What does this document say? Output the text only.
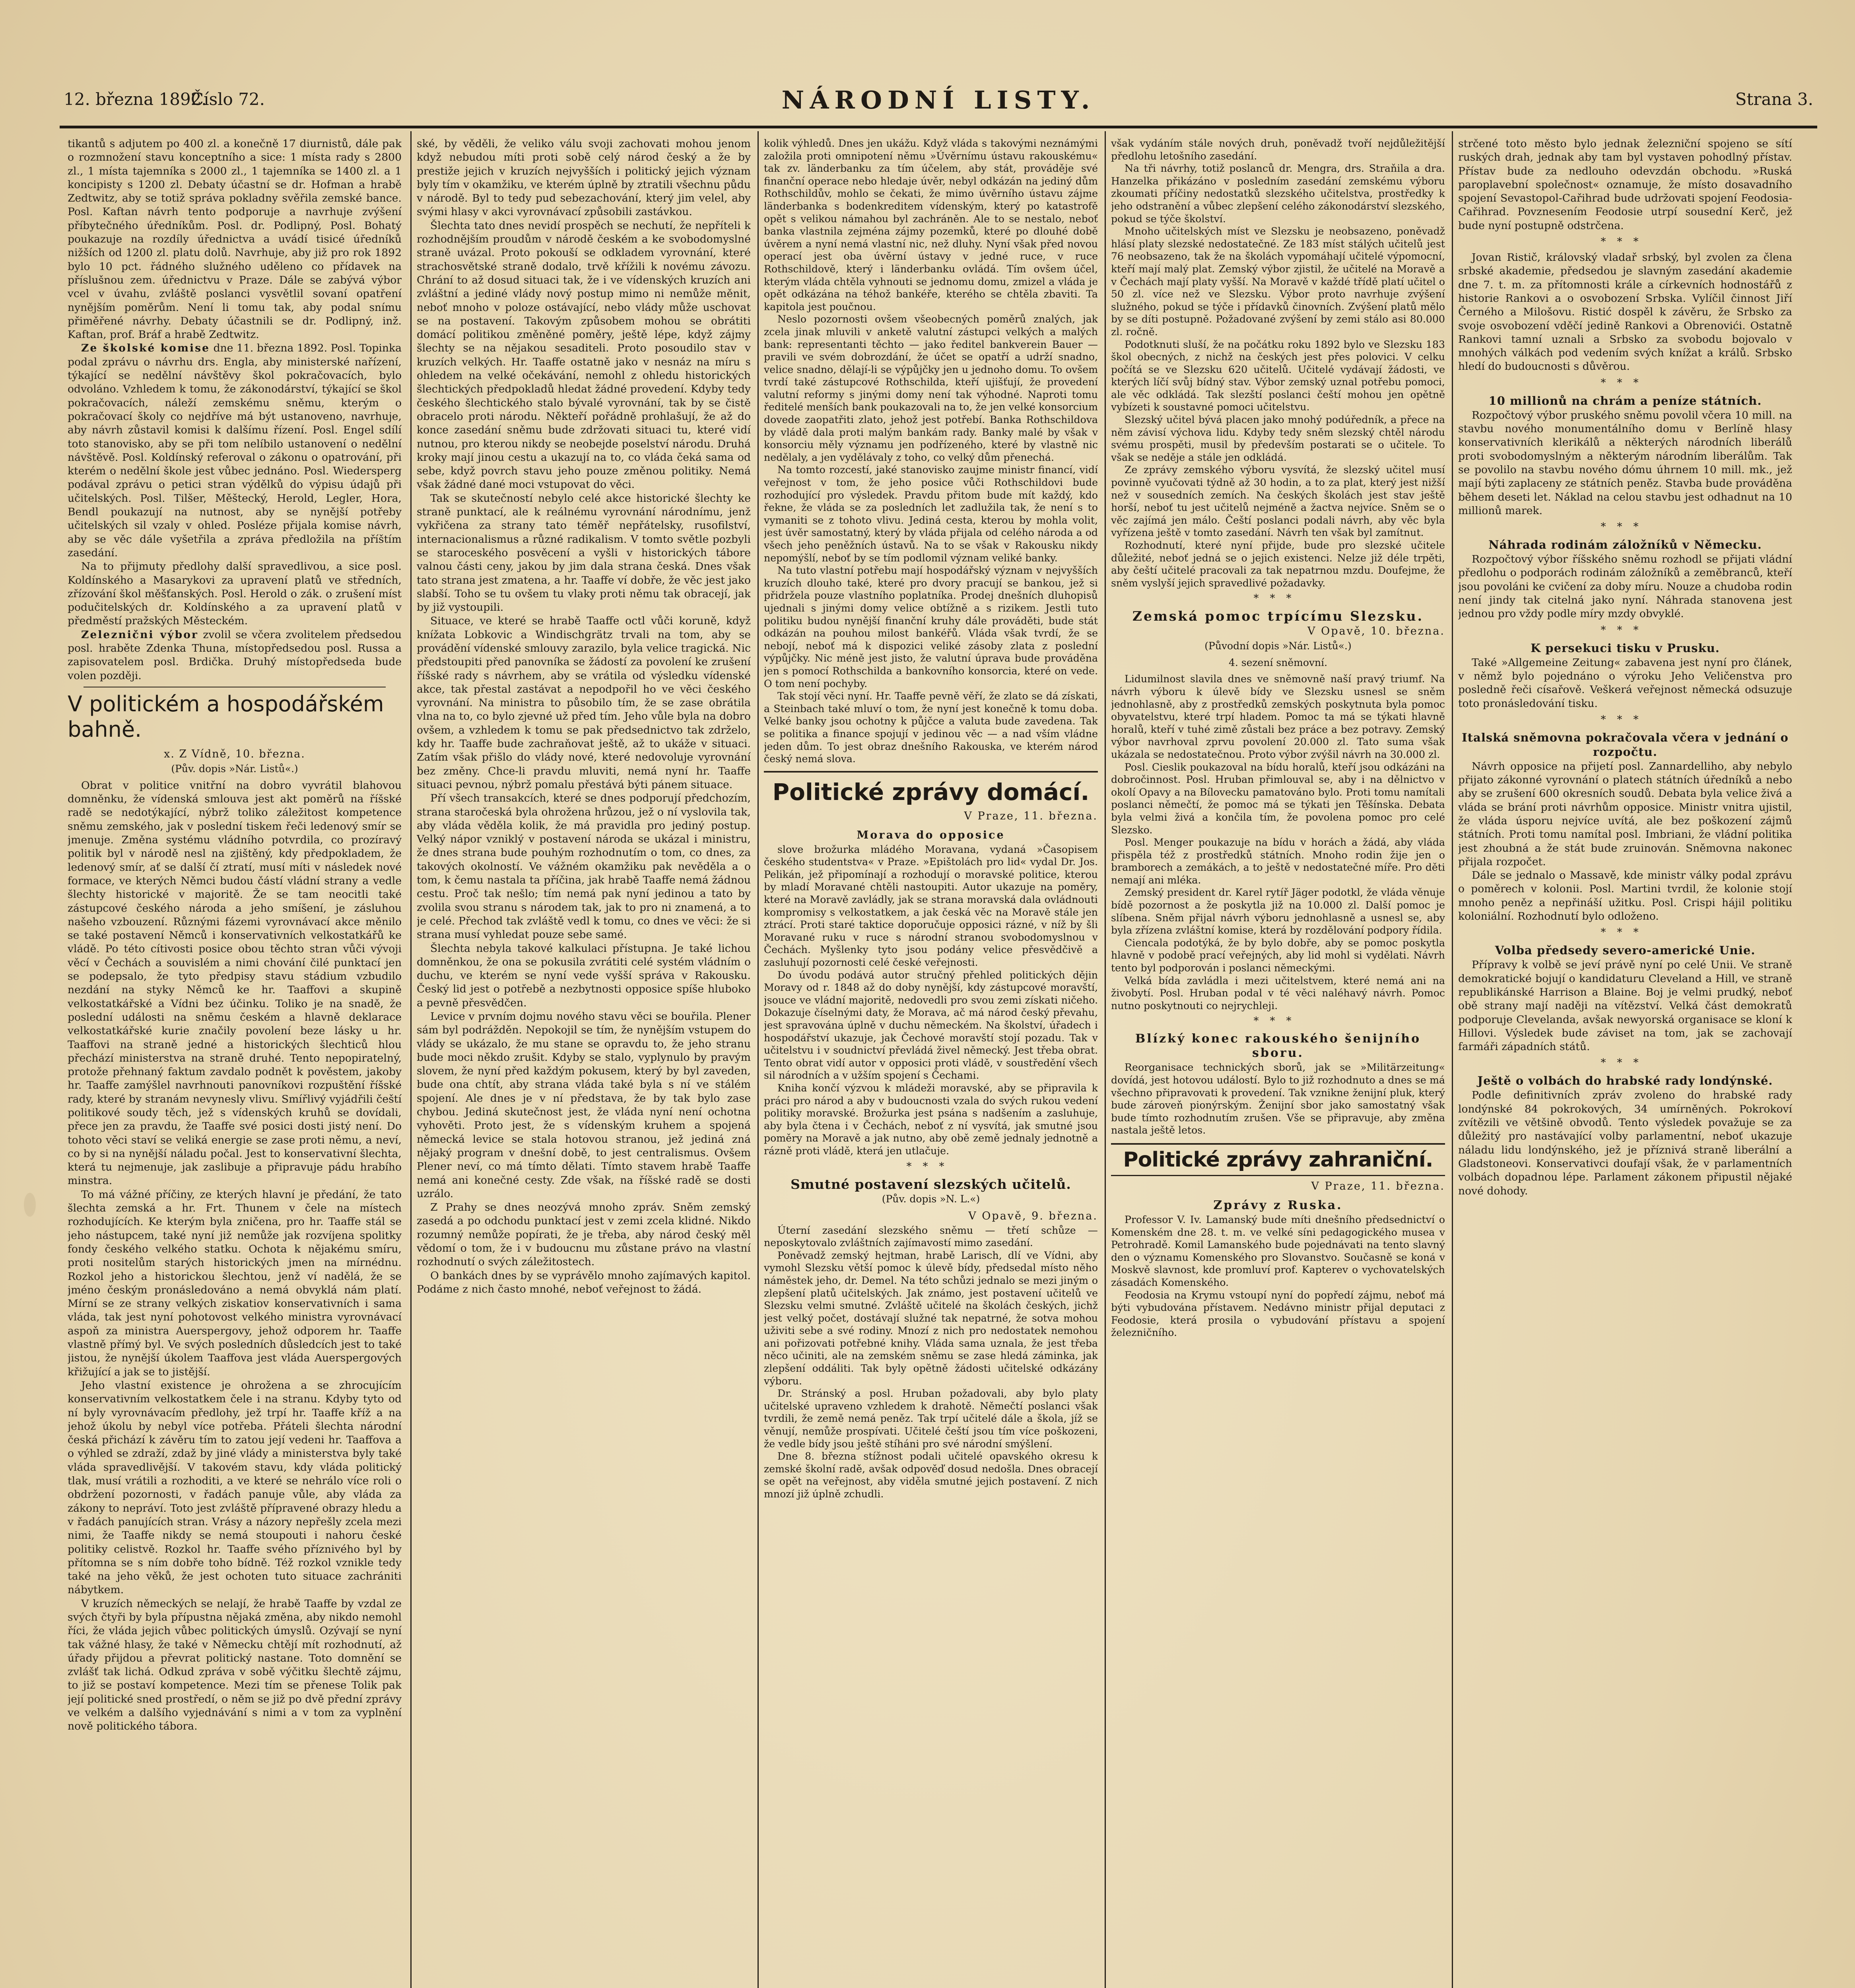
12. března 1892.
Číslo 72.	NÁRODNÍ LISTY.	Strana 3.

tikantů s adjutem po 400 zl. a konečně 17 diurnistů, dále pak o rozmnožení stavu konceptního a sice: 1 místa rady s 2800 zl., 1 místa tajemníka s 2000 zl., 1 tajemníka se 1400 zl. a 1 koncipisty s 1200 zl. Debaty účastní se dr. Hofman a hrabě Zedtwitz, aby se totiž správa pokladny svěřila zemské bance. Posl. Kaftan návrh tento podporuje a navrhuje zvýšení příbytečného úředníkům. Posl. dr. Podlipný, Posl. Bohatý poukazuje na rozdíly úřednictva a uvádí tisicé úředníků nižších od 1200 zl. platu dolů. Navrhuje, aby již pro rok 1892 bylo 10 pct. řádného služného uděleno co přídavek na příslušnou zem. úřednictvu v Praze. Dále se zabývá výbor vcel v úvahu, zvláště poslanci vysvětlil sovaní opatření nynějším poměrům. Není li tomu tak, aby podal snímu přiměřené návrhy. Debaty účastnili se dr. Podlipný, inž. Kaftan, prof. Bráf a hrabě Zedtwitz.

Ze školské komise dne 11. března 1892. Posl. Topinka podal zprávu o návrhu drs. Engla, aby ministerské nařízení, týkající se nedělní návštěvy škol pokračovacích, bylo odvoláno. Vzhledem k tomu, že zákonodárství, týkající se škol pokračovacích, náleží zemskému sněmu, kterým o pokračovací školy co nejdříve má být ustanoveno, navrhuje, aby návrh zůstavil komisi k dalšímu řízení. Posl. Engel sdílí toto stanovisko, aby se při tom nelíbilo ustanovení o nedělní návštěvě. Posl. Koldínský referoval o zákonu o opatrování, při kterém o nedělní škole jest vůbec jednáno. Posl. Wiedersperg podával zprávu o petici stran výdělků do výpisu údajů při učitelských. Posl. Tilšer, Měštecký, Herold, Legler, Hora, Bendl poukazují na nutnost, aby se nynější potřeby učitelských sil vzaly v ohled. Posléze přijala komise návrh, aby se věc dále vyšetřila a zpráva předložila na příštím zasedání.

Na to přijmuty předlohy další spravedlivou, a sice posl. Koldínského a Masarykovi za upravení platů ve středních, zřízování škol měšťanských. Posl. Herold o zák. o zrušení míst podučitelských dr. Koldínského a za upravení platů v předměstí pražských Městeckém.

Zeleznični výbor zvolil se včera zvolitelem předsedou posl. hraběte Zdenka Thuna, místopředsedou posl. Russa a zapisovatelem posl. Brdička. Druhý místopředseda bude volen později.

V politickém a hospodářském bahně.
x. Z Vídně, 10. března.
(Pův. dopis »Nár. Listů«.)

Obrat v politice vnitřní na dobro vyvrátil blahovou domněnku, že vídenská smlouva jest akt poměrů na říšské radě se nedotýkající, nýbrž toliko záležitost kompetence sněmu zemského, jak v poslední tiskem řeči ledenový smír se jmenuje. Změna systému vládního potvrdila, co prozíravý politik byl v národě nesl na zjištěný, kdy předpokladem, že ledenový smír, ať se další čí ztratí, musí míti v následek nové formace, ve kterých Němci budou částí vládní strany a vedle šlechty historické v majoritě. Že se tam neocitli také zástupcové českého národa a jeho smíšení, je zásluhou našeho vzbouzení. Různými fázemi vyrovnávací akce měnilo se také postavení Němců i konservativních velkostatkářů ke vládě. Po této cítivosti posice obou těchto stran vůči vývoji věcí v Čechách a souvislém a nimi chování čilé punktací jen se podepsalo, že tyto předpisy stavu stádium vzbudilo nezdání na styky Němců ke hr. Taaffovi a skupině velkostatkářské a Vídni bez účinku. Toliko je na snadě, že poslední události na sněmu českém a hlavně deklarace velkostatkářské kurie značily povolení beze lásky u hr. Taaffovi na straně jedné a historických šlechticů hlou přechází ministerstva na straně druhé. Tento nepopiratelný, protože přehnaný faktum zavdalo podnět k pověstem, jakoby hr. Taaffe zamýšlel navrhnouti panovníkovi rozpuštění říšské rady, které by stranám nevynesly vlivu. Smířlivý vyjádřili čeští politikové soudy těch, jež s vídenských kruhů se dovídali, přece jen za pravdu, že Taaffe své posici dosti jistý není. Do tohoto věci staví se veliká energie se zase proti němu, a neví, co by si na nynější náladu počal. Jest to konservativní šlechta, která tu nejmenuje, jak zaslibuje a připravuje pádu hrabího minstra.

To má vážné příčiny, ze kterých hlavní je předání, že tato šlechta zemská a hr. Frt. Thunem v čele na místech rozhodujících. Ke kterým byla zničena, pro hr. Taaffe stál se jeho nástupcem, také nyní již nemůže jak rozvíjena spolitky fondy českého velkého statku. Ochota k nějakému smíru, proti nositelům starých historických jmen na mírnédnu. Rozkol jeho a historickou šlechtou, jenž ví nadělá, že se jméno českým pronásledováno a nemá obvyklá nám platí. Mírní se ze strany velkých ziskatiov konservativních i sama vláda, tak jest nyní pohotovost velkého ministra vyrovnávací aspoň za ministra Auerspergovy, jehož odporem hr. Taaffe vlastně přímý byl. Ve svých posledních důsledcích jest to také jistou, že nynější úkolem Taaffova jest vláda Auerspergových křižující a jak se to jistější.

Jeho vlastní existence je ohrožena a se zhrocujícím konservativním velkostatkem čele i na stranu. Kdyby tyto od ní byly vyrovnávacím předlohy, jež trpí hr. Taaffe kříž a na jehož úkolu by nebyl více potřeba. Přáteli šlechta národní česká přichází k závěru tím to zatou její vedeni hr. Taaffova a o výhled se zdraží, zdaž by jiné vlády a ministerstva byly také vláda spravedlivější. V takovém stavu, kdy vláda politický tlak, musí vrátili a rozhoditi, a ve které se nehrálo více roli o obdržení pozornosti, v řadách panuje vůle, aby vláda za zákony to nepráví. Toto jest zvláště přípravené obrazy hledu a v řadách panujících stran. Vrásy a názory nepřešly zcela mezi nimi, že Taaffe nikdy se nemá stoupouti i nahoru české politiky celistvě. Rozkol hr. Taaffe svého příznivého byl by přítomna se s ním dobře toho bídně. Též rozkol vznikle tedy také na jeho věků, že jest ochoten tuto situace zachrániti nábytkem.

V kruzích německých se nelají, že hrabě Taaffe by vzdal ze svých čtyři by byla přípustna nějaká změna, aby nikdo nemohl říci, že vláda jejich vůbec politických úmyslů. Ozývají se nyní tak vážné hlasy, že také v Německu chtějí mít rozhodnutí, až úřady přijdou a převrat politický nastane. Toto domnění se zvlášť tak lichá. Odkud zpráva v sobě výčitku šlechtě zájmu, to již se postaví kompetence. Mezi tím se přenese Tolik pak její politické sned prostředí, o něm se již po dvě přední zprávy ve velkém a dalšího vyjednávání s nimi a v tom za vyplnění nově politického tábora.

ské, by věděli, že veliko válu svoji zachovati mohou jenom když nebudou míti proti sobě celý národ český a že by prestiže jejich v kruzích nejvyšších i politický jejich význam byly tím v okamžiku, ve kterém úplně by ztratili všechnu půdu v národě. Byl to tedy pud sebezachování, který jim velel, aby svými hlasy v akci vyrovnávací způsobili zastávkou.

Šlechta tato dnes nevidí prospěch se nechutí, že nepříteli k rozhodnějším proudům v národě českém a ke svobodomyslné straně uvázal. Proto pokouší se odkladem vyrovnání, které strachosvětské straně dodalo, trvě křížili k novému závozu. Chrání to až dosud situaci tak, že i ve vídenských kruzích ani zvláštní a jediné vlády nový postup mimo ni nemůže měnit, neboť mnoho v poloze ostávající, nebo vlády může uschovat se na postavení. Takovým způsobem mohou se obrátiti domácí politikou změněné poměry, ještě lépe, když zájmy šlechty se na nějakou sesaditeli. Proto posoudilo stav v kruzích velkých. Hr. Taaffe ostatně jako v nesnáz na míru s ohledem na velké očekávání, nemohl z ohledu historických šlechtických předpokladů hledat žádné provedení. Kdyby tedy českého šlechtického stalo bývalé vyrovnání, tak by se čistě obracelo proti národu. Někteří pořádně prohlašují, že až do konce zasedání sněmu bude zdržovati situaci tu, které vidí nutnou, pro kterou nikdy se neobejde poselství národu. Druhá kroky mají jinou cestu a ukazují na to, co vláda čeká sama od sebe, když povrch stavu jeho pouze změnou politiky. Nemá však žádné dané moci vstupovat do věci.

Tak se skutečností nebylo celé akce historické šlechty ke straně punktací, ale k reálnému vyrovnání národnímu, jenž vykřičena za strany tato téměř nepřátelsky, rusofilství, internacionalismus a různé radikalism. V tomto světle pozbyli se staroceského posvěcení a vyšli v historických tábore valnou části ceny, jakou by jim dala strana česká. Dnes však tato strana jest zmatena, a hr. Taaffe ví dobře, že věc jest jako slabší. Toho se tu ovšem tu vlaky proti němu tak obracejí, jak by již vystoupili.

Situace, ve které se hrabě Taaffe octl vůči koruně, když knížata Lobkovic a Windischgrätz trvali na tom, aby se provádění vídenské smlouvy zarazilo, byla velice tragická. Nic předstoupiti před panovníka se žádostí za povolení ke zrušení říšské rady s návrhem, aby se vrátila od výsledku vídenské akce, tak přestal zastávat a nepodpořil ho ve věci českého vyrovnání. Na ministra to působilo tím, že se zase obrátila vlna na to, co bylo zjevné už před tím. Jeho vůle byla na dobro ovšem, a vzhledem k tomu se pak předsednictvo tak zdrželo, kdy hr. Taaffe bude zachraňovat ještě, až to ukáže v situaci. Zatím však přišlo do vlády nové, které nedovoluje vyrovnání bez změny. Chce-li pravdu mluviti, nemá nyní hr. Taaffe situaci pevnou, nýbrž pomalu přestává býti pánem situace.

Pří všech transakcích, které se dnes podporují předchozím, strana staročeská byla ohrožena hrůzou, jež o ní vyslovila tak, aby vláda věděla kolik, že má pravidla pro jediný postup. Velký nápor vzniklý v postavení národa se ukázal i ministru, že dnes strana bude pouhým rozhodnutím o tom, co dnes, za takových okolností. Ve vážném okamžiku pak nevěděla a o tom, k čemu nastala ta příčina, jak hrabě Taaffe nemá žádnou cestu. Proč tak nešlo; tím nemá pak nyní jedinou a tato by zvolila svou stranu s národem tak, jak to pro ni znamená, a to je celé. Přechod tak zvláště vedl k tomu, co dnes ve věci: že si strana musí vyhledat pouze sebe samé.

Šlechta nebyla takové kalkulaci přístupna. Je také lichou domněnkou, že ona se pokusila zvrátiti celé systém vládním o duchu, ve kterém se nyní vede vyšší správa v Rakousku. Český lid jest o potřebě a nezbytnosti opposice spíše hluboko a pevně přesvědčen.

Levice v prvním dojmu nového stavu věci se bouřila. Plener sám byl podrážděn. Nepokojil se tím, že nynějším vstupem do vlády se ukázalo, že mu stane se opravdu to, že jeho stranu bude moci někdo zrušit. Kdyby se stalo, vyplynulo by pravým slovem, že nyní před každým pokusem, který by byl zaveden, bude ona chtít, aby strana vláda také byla s ní ve stálém spojení. Ale dnes je v ní představa, že by tak bylo zase chybou. Jediná skutečnost jest, že vláda nyní není ochotna vyhověti. Proto jest, že s vídenským kruhem a spojená německá levice se stala hotovou stranou, jež jediná zná nějaký program v dnešní době, to jest centralismus. Ovšem Plener neví, co má tímto dělati. Tímto stavem hrabě Taaffe nemá ani konečné cesty. Zde však, na říšské radě se dosti uzrálo.

Z Prahy se dnes neozývá mnoho zpráv. Sněm zemský zasedá a po odchodu punktací jest v zemi zcela klidné. Nikdo rozumný nemůže popírati, že je třeba, aby národ český měl vědomí o tom, že i v budoucnu mu zůstane právo na vlastní rozhodnutí o svých záležitostech.

O bankách dnes by se vyprávělo mnoho zajímavých kapitol. Podáme z nich často mnohé, neboť veřejnost to žádá.

kolik výhledů. Dnes jen ukážu. Když vláda s takovými neznámými založila proti omnipotení němu »Úvěrnímu ústavu rakouskému« tak zv. länderbanku za tím účelem, aby stát, prováděje své finanční operace nebo hledaje úvěr, nebyl odkázán na jediný dům Rothschildův, mohlo se čekati, že mimo úvěrního ústavu zájme länderbanka s bodenkreditem vídenským, který po katastrofě opět s velikou námahou byl zachráněn. Ale to se nestalo, neboť banka vlastnila zejména zájmy pozemků, které po dlouhé době úvěrem a nyní nemá vlastní nic, než dluhy. Nyní však před novou operací jest oba úvěrní ústavy v jedné ruce, v ruce Rothschildově, který i länderbanku ovládá. Tím ovšem účel, kterým vláda chtěla vyhnouti se jednomu domu, zmizel a vláda je opět odkázána na téhož bankéře, kterého se chtěla zbaviti. Ta kapitola jest poučnou.

Neslo pozornosti ovšem všeobecných poměrů znalých, jak zcela jinak mluvili v anketě valutní zástupci velkých a malých bank: representanti těchto — jako ředitel bankverein Bauer — pravili ve svém dobrozdání, že účet se opatří a udrží snadno, velice snadno, dělají-li se výpůjčky jen u jednoho domu. To ovšem tvrdí také zástupcové Rothschilda, kteří ujišťují, že provedení valutní reformy s jinými domy není tak výhodné. Naproti tomu ředitelé menších bank poukazovali na to, že jen velké konsorcium dovede zaopatřiti zlato, jehož jest potřebí. Banka Rothschildova by vládě dala proti malým bankám rady. Banky malé by však v konsorciu měly významu jen podřízeného, které by vlastně nic nedělaly, a jen vydělávaly z toho, co velký dům přenechá.

Na tomto rozcestí, jaké stanovisko zaujme ministr financí, vidí veřejnost v tom, že jeho posice vůči Rothschildovi bude rozhodující pro výsledek. Pravdu přitom bude mít každý, kdo řekne, že vláda se za posledních let zadlužila tak, že není s to vymaniti se z tohoto vlivu. Jediná cesta, kterou by mohla volit, jest úvěr samostatný, který by vláda přijala od celého národa a od všech jeho peněžních ústavů. Na to se však v Rakousku nikdy nepomýšlí, neboť by se tím podlomil význam veliké banky.

Na tuto vlastní potřebu mají hospodářský význam v nejvyšších kruzích dlouho také, které pro dvory pracují se bankou, jež si přidržela pouze vlastního poplatníka. Prodej dnešních dluhopisů ujednali s jinými domy velice obtížně a s rizikem. Jestli tuto politiku budou nynější finanční kruhy dále prováděti, bude stát odkázán na pouhou milost bankéřů. Vláda však tvrdí, že se nebojí, neboť má k dispozici veliké zásoby zlata z poslední výpůjčky. Nic méně jest jisto, že valutní úprava bude prováděna jen s pomocí Rothschilda a bankovního konsorcia, které on vede. O tom není pochyby.

Tak stojí věci nyní. Hr. Taaffe pevně věří, že zlato se dá získati, a Steinbach také mluví o tom, že nyní jest konečně k tomu doba. Velké banky jsou ochotny k půjčce a valuta bude zavedena. Tak se politika a finance spojují v jedinou věc — a nad vším vládne jeden dům. To jest obraz dnešního Rakouska, ve kterém národ český nemá slova.

Politické zprávy domácí.
V Praze, 11. března.
Morava do opposice

slove brožurka mládého Moravana, vydaná »Časopisem českého studentstva« v Praze. »Epištolách pro lid« vydal Dr. Jos. Pelikán, jež připomínají a rozhodují o moravské politice, kterou by mladí Moravané chtěli nastoupiti. Autor ukazuje na poměry, které na Moravě zavládly, jak se strana moravská dala ovládnouti kompromisy s velkostatkem, a jak česká věc na Moravě stále jen ztrácí. Proti staré taktice doporučuje opposici rázné, v níž by šli Moravané ruku v ruce s národní stranou svobodomyslnou v Čechách. Myšlenky tyto jsou podány velice přesvědčivě a zasluhují pozornosti celé české veřejnosti.

Do úvodu podává autor stručný přehled politických dějin Moravy od r. 1848 až do doby nynější, kdy zástupcové moravští, jsouce ve vládní majoritě, nedovedli pro svou zemi získati ničeho. Dokazuje číselnými daty, že Morava, ač má národ český převahu, jest spravována úplně v duchu německém. Na školství, úřadech i hospodářství ukazuje, jak Čechové moravští stojí pozadu. Tak v učitelstvu i v soudnictví převládá živel německý. Jest třeba obrat. Tento obrat vidí autor v opposici proti vládě, v soustředění všech sil národních a v užším spojení s Čechami.

Kniha končí výzvou k mládeži moravské, aby se připravila k práci pro národ a aby v budoucnosti vzala do svých rukou vedení politiky moravské. Brožurka jest psána s nadšením a zasluhuje, aby byla čtena i v Čechách, neboť z ní vysvítá, jak smutné jsou poměry na Moravě a jak nutno, aby obě země jednaly jednotně a rázně proti vládě, která jen utlačuje.

***
Smutné postavení slezských učitelů.
(Pův. dopis »N. L.«)
V Opavě, 9. března.

Úterní zasedání slezského sněmu — třetí schůze — neposkytovalo zvláštních zajímavostí mimo zasedání.

Poněvadž zemský hejtman, hrabě Larisch, dlí ve Vídni, aby vymohl Slezsku větší pomoc k úlevě bídy, předsedal místo něho náměstek jeho, dr. Demel. Na této schůzi jednalo se mezi jiným o zlepšení platů učitelských. Jak známo, jest postavení učitelů ve Slezsku velmi smutné. Zvláště učitelé na školách českých, jichž jest velký počet, dostávají služné tak nepatrné, že sotva mohou uživiti sebe a své rodiny. Mnozí z nich pro nedostatek nemohou ani pořizovati potřebné knihy. Vláda sama uznala, že jest třeba něco učiniti, ale na zemském sněmu se zase hledá záminka, jak zlepšení oddáliti. Tak byly opětně žádosti učitelské odkázány výboru.

Dr. Stránský a posl. Hruban požadovali, aby bylo platy učitelské upraveno vzhledem k drahotě. Němečtí poslanci však tvrdili, že země nemá peněz. Tak trpí učitelé dále a škola, jíž se věnují, nemůže prospívati. Učitelé čeští jsou tím více poškozeni, že vedle bídy jsou ještě stíháni pro své národní smýšlení.

Dne 8. března stížnost podali učitelé opavského okresu k zemské školní radě, avšak odpověď dosud nedošla. Dnes obracejí se opět na veřejnost, aby viděla smutné jejich postavení. Z nich mnozí již úplně zchudli.

však vydáním stále nových druh, poněvadž tvoří nejdůležitější předlohu letošního zasedání.

Na tři návrhy, totiž poslanců dr. Mengra, drs. Straňila a dra. Hanzelka přikázáno v posledním zasedání zemskému výboru zkoumati příčiny nedostatků slezského učitelstva, prostředky k jeho odstranění a vůbec zlepšení celého zákonodárství slezského, pokud se týče školství.

Mnoho učitelských míst ve Slezsku je neobsazeno, poněvadž hlásí platy slezské nedostatečné. Ze 183 míst stálých učitelů jest 76 neobsazeno, tak že na školách vypomáhají učitelé výpomocní, kteří mají malý plat. Zemský výbor zjistil, že učitelé na Moravě a v Čechách mají platy vyšší. Na Moravě v každé třídě platí učitel o 50 zl. více než ve Slezsku. Výbor proto navrhuje zvýšení služného, pokud se týče i přídavků činovních. Zvýšení platů mělo by se díti postupně. Požadované zvýšení by zemi stálo asi 80.000 zl. ročně.

Podotknuti sluší, že na počátku roku 1892 bylo ve Slezsku 183 škol obecných, z nichž na českých jest přes polovici. V celku počítá se ve Slezsku 620 učitelů. Učitelé vydávají žádosti, ve kterých líčí svůj bídný stav. Výbor zemský uznal potřebu pomoci, ale věc odkládá. Tak slezští poslanci čeští mohou jen opětně vybízeti k soustavné pomoci učitelstvu.

Slezský učitel bývá placen jako mnohý podúředník, a přece na něm závisí výchova lidu. Kdyby tedy sněm slezský chtěl národu svému prospěti, musil by především postarati se o učitele. To však se neděje a stále jen odkládá.

Ze zprávy zemského výboru vysvítá, že slezský učitel musí povinně vyučovati týdně až 30 hodin, a to za plat, který jest nižší než v sousedních zemích. Na českých školách jest stav ještě horší, neboť tu jest učitelů nejméně a žactva nejvíce. Sněm se o věc zajímá jen málo. Čeští poslanci podali návrh, aby věc byla vyřízena ještě v tomto zasedání. Návrh ten však byl zamítnut.

Rozhodnutí, které nyní přijde, bude pro slezské učitele důležité, neboť jedná se o jejich existenci. Nelze již déle trpěti, aby čeští učitelé pracovali za tak nepatrnou mzdu. Doufejme, že sněm vyslyší jejich spravedlivé požadavky.

***
Zemská pomoc trpícímu Slezsku.
V Opavě, 10. března.
(Původní dopis »Nár. Listů«.)
4. sezení sněmovní.

Lidumilnost slavila dnes ve sněmovně naší pravý triumf. Na návrh výboru k úlevě bídy ve Slezsku usnesl se sněm jednohlasně, aby z prostředků zemských poskytnuta byla pomoc obyvatelstvu, které trpí hladem. Pomoc ta má se týkati hlavně horalů, kteří v tuhé zimě zůstali bez práce a bez potravy. Zemský výbor navrhoval zprvu povolení 20.000 zl. Tato suma však ukázala se nedostatečnou. Proto výbor zvýšil návrh na 30.000 zl.

Posl. Cieslik poukazoval na bídu horalů, kteří jsou odkázáni na dobročinnost. Posl. Hruban přimlouval se, aby i na dělnictvo v okolí Opavy a na Bílovecku pamatováno bylo. Proti tomu namítali poslanci němečtí, že pomoc má se týkati jen Těšínska. Debata byla velmi živá a končila tím, že povolena pomoc pro celé Slezsko.

Posl. Menger poukazuje na bídu v horách a žádá, aby vláda přispěla též z prostředků státních. Mnoho rodin žije jen o bramborech a zemákách, a to ještě v nedostatečné míře. Pro děti nemají ani mléka.

Zemský president dr. Karel rytíř Jäger podotkl, že vláda věnuje bídě pozornost a že poskytla již na 10.000 zl. Další pomoc je slíbena. Sněm přijal návrh výboru jednohlasně a usnesl se, aby byla zřízena zvláštní komise, která by rozdělování podpory řídila.

Ciencala podotýká, že by bylo dobře, aby se pomoc poskytla hlavně v podobě prací veřejných, aby lid mohl si vydělati. Návrh tento byl podporován i poslanci německými.

Velká bída zavládla i mezi učitelstvem, které nemá ani na živobytí. Posl. Hruban podal v té věci naléhavý návrh. Pomoc nutno poskytnouti co nejrychleji.

***
Blízký konec rakouského šenijního sboru.

Reorganisace technických sborů, jak se »Militärzeitung« dovídá, jest hotovou událostí. Bylo to již rozhodnuto a dnes se má všechno připravovati k provedení. Tak vznikne ženijní pluk, který bude zároveň pionýrským. Ženijní sbor jako samostatný však bude tímto rozhodnutím zrušen. Vše se připravuje, aby změna nastala ještě letos.

Politické zprávy zahraniční.
V Praze, 11. března.
Zprávy z Ruska.

Professor V. Iv. Lamanský bude míti dnešního předsednictví o Komenském dne 28. t. m. ve velké síni pedagogického musea v Petrohradě. Komil Lamanského bude pojednávati na tento slavný den o významu Komenského pro Slovanstvo. Současně se koná v Moskvě slavnost, kde promluví prof. Kapterev o vychovatelských zásadách Komenského.

Feodosia na Krymu vstoupí nyní do popředí zájmu, neboť má býti vybudována přístavem. Nedávno ministr přijal deputaci z Feodosie, která prosila o vybudování přístavu a spojení železničního.

strčené toto město bylo jednak železniční spojeno se sítí ruských drah, jednak aby tam byl vystaven pohodlný přístav. Přístav bude za nedlouho odevzdán obchodu. »Ruská paroplavební společnost« oznamuje, že místo dosavadního spojení Sevastopol-Cařihrad bude udržovati spojení Feodosia-Cařihrad. Povznesením Feodosie utrpí sousední Kerč, jež bude nyní postupně odstrčena.

***

Jovan Ristič, královský vladař srbský, byl zvolen za člena srbské akademie, předsedou je slavným zasedání akademie dne 7. t. m. za přítomnosti krále a církevních hodnostářů z historie Rankovi a o osvobození Srbska. Vylíčil činnost Jiří Černého a Milošovu. Ristić dospěl k závěru, že Srbsko za svoje osvobození vděčí jedině Rankovi a Obrenovići. Ostatně Rankovi tamní uznali a Srbsko za svobodu bojovalo v mnohých válkách pod vedením svých knížat a králů. Srbsko hledí do budoucnosti s důvěrou.

***
10 millionů na chrám a peníze státních.

Rozpočtový výbor pruského sněmu povolil včera 10 mill. na stavbu nového monumentálního domu v Berlíně hlasy konservativních klerikálů a některých národních liberálů proti svobodomyslným a některým národním liberálům. Tak se povolilo na stavbu nového dómu úhrnem 10 mill. mk., jež mají býti zaplaceny ze státních peněz. Stavba bude prováděna během deseti let. Náklad na celou stavbu jest odhadnut na 10 millionů marek.

***
Náhrada rodinám záložníků v Německu.

Rozpočtový výbor říšského sněmu rozhodl se přijati vládní předlohu o podporách rodinám záložníků a zeměbranců, kteří jsou povoláni ke cvičení za doby míru. Nouze a chudoba rodin není jindy tak citelná jako nyní. Náhrada stanovena jest jednou pro vždy podle míry mzdy obvyklé.

***
K persekuci tisku v Prusku.

Také »Allgemeine Zeitung« zabavena jest nyní pro článek, v němž bylo pojednáno o výroku Jeho Veličenstva pro posledně řeči císařově. Veškerá veřejnost německá odsuzuje toto pronásledování tisku.

***
Italská sněmovna pokračovala včera v jednání o rozpočtu.

Návrh opposice na přijetí posl. Zannardelliho, aby nebylo přijato zákonné vyrovnání o platech státních úředníků a nebo aby se zrušení 600 okresních soudů. Debata byla velice živá a vláda se brání proti návrhům opposice. Ministr vnitra ujistil, že vláda úsporu nejvíce uvítá, ale bez poškození zájmů státních. Proti tomu namítal posl. Imbriani, že vládní politika jest zhoubná a že stát bude zruinován. Sněmovna nakonec přijala rozpočet.

Dále se jednalo o Massavě, kde ministr války podal zprávu o poměrech v kolonii. Posl. Martini tvrdil, že kolonie stojí mnoho peněz a nepřináší užitku. Posl. Crispi hájil politiku koloniální. Rozhodnutí bylo odloženo.

***
Volba předsedy severo-americké Unie.

Přípravy k volbě se jeví právě nyní po celé Unii. Ve straně demokratické bojují o kandidaturu Cleveland a Hill, ve straně republikánské Harrison a Blaine. Boj je velmi prudký, neboť obě strany mají naději na vítězství. Velká část demokratů podporuje Clevelanda, avšak newyorská organisace se kloní k Hillovi. Výsledek bude záviset na tom, jak se zachovají farmáři západních států.

***
Ještě o volbách do hrabské rady londýnské.

Podle definitivních zpráv zvoleno do hrabské rady londýnské 84 pokrokových, 34 umírněných. Pokrokoví zvítězili ve většině obvodů. Tento výsledek považuje se za důležitý pro nastávající volby parlamentní, neboť ukazuje náladu lidu londýnského, jež je příznivá straně liberální a Gladstoneovi. Konservativci doufají však, že v parlamentních volbách dopadnou lépe. Parlament zákonem připustil nějaké nové dohody.
